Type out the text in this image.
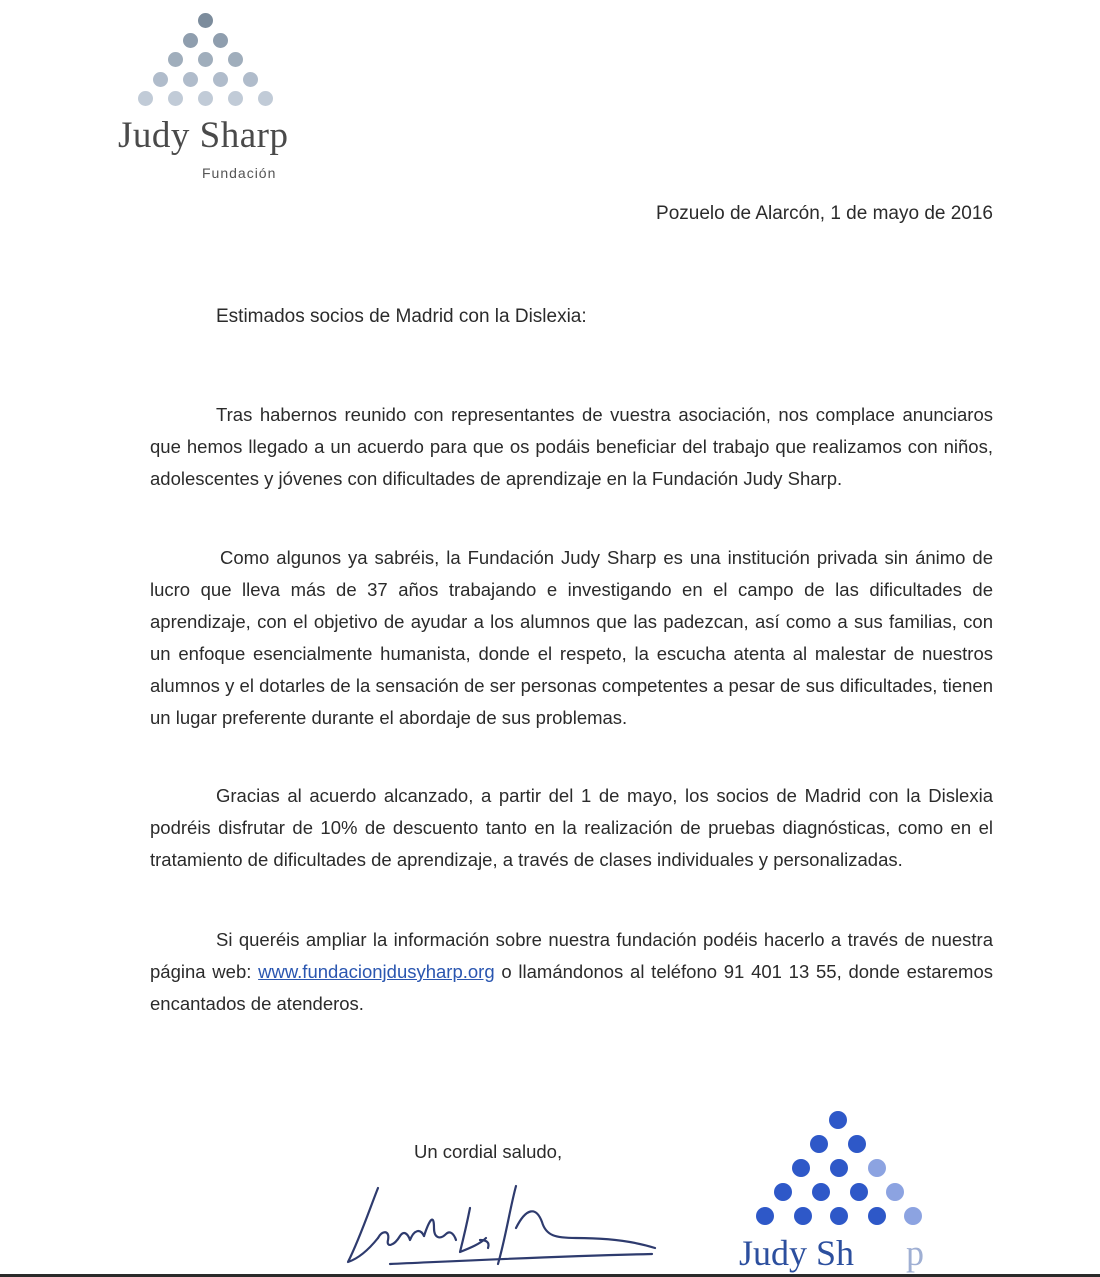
Judy Sharp
Fundación
Pozuelo de Alarcón, 1 de mayo de 2016
Estimados socios de Madrid con la Dislexia:

Tras habernos reunido con representantes de vuestra asociación, nos complace anunciaros que hemos llegado a un acuerdo para que os podáis beneficiar del trabajo que realizamos con niños, adolescentes y jóvenes con dificultades de aprendizaje en la Fundación Judy Sharp.

Como algunos ya sabréis, la Fundación Judy Sharp es una institución privada sin ánimo de lucro que lleva más de 37 años trabajando e investigando en el campo de las dificultades de aprendizaje, con el objetivo de ayudar a los alumnos que las padezcan, así como a sus familias, con un enfoque esencialmente humanista, donde el respeto, la escucha atenta al malestar de nuestros alumnos y el dotarles de la sensación de ser personas competentes a pesar de sus dificultades, tienen un lugar preferente durante el abordaje de sus problemas.

Gracias al acuerdo alcanzado, a partir del 1 de mayo, los socios de Madrid con la Dislexia podréis disfrutar de 10% de descuento tanto en la realización de pruebas diagnósticas, como en el tratamiento de dificultades de aprendizaje, a través de clases individuales y personalizadas.

Si queréis ampliar la información sobre nuestra fundación podéis hacerlo a través de nuestra página web: www.fundacionjdusyharp.org o llamándonos al teléfono 91 401 13 55, donde estaremos encantados de atenderos.

Un cordial saludo,
Judy Sh p
